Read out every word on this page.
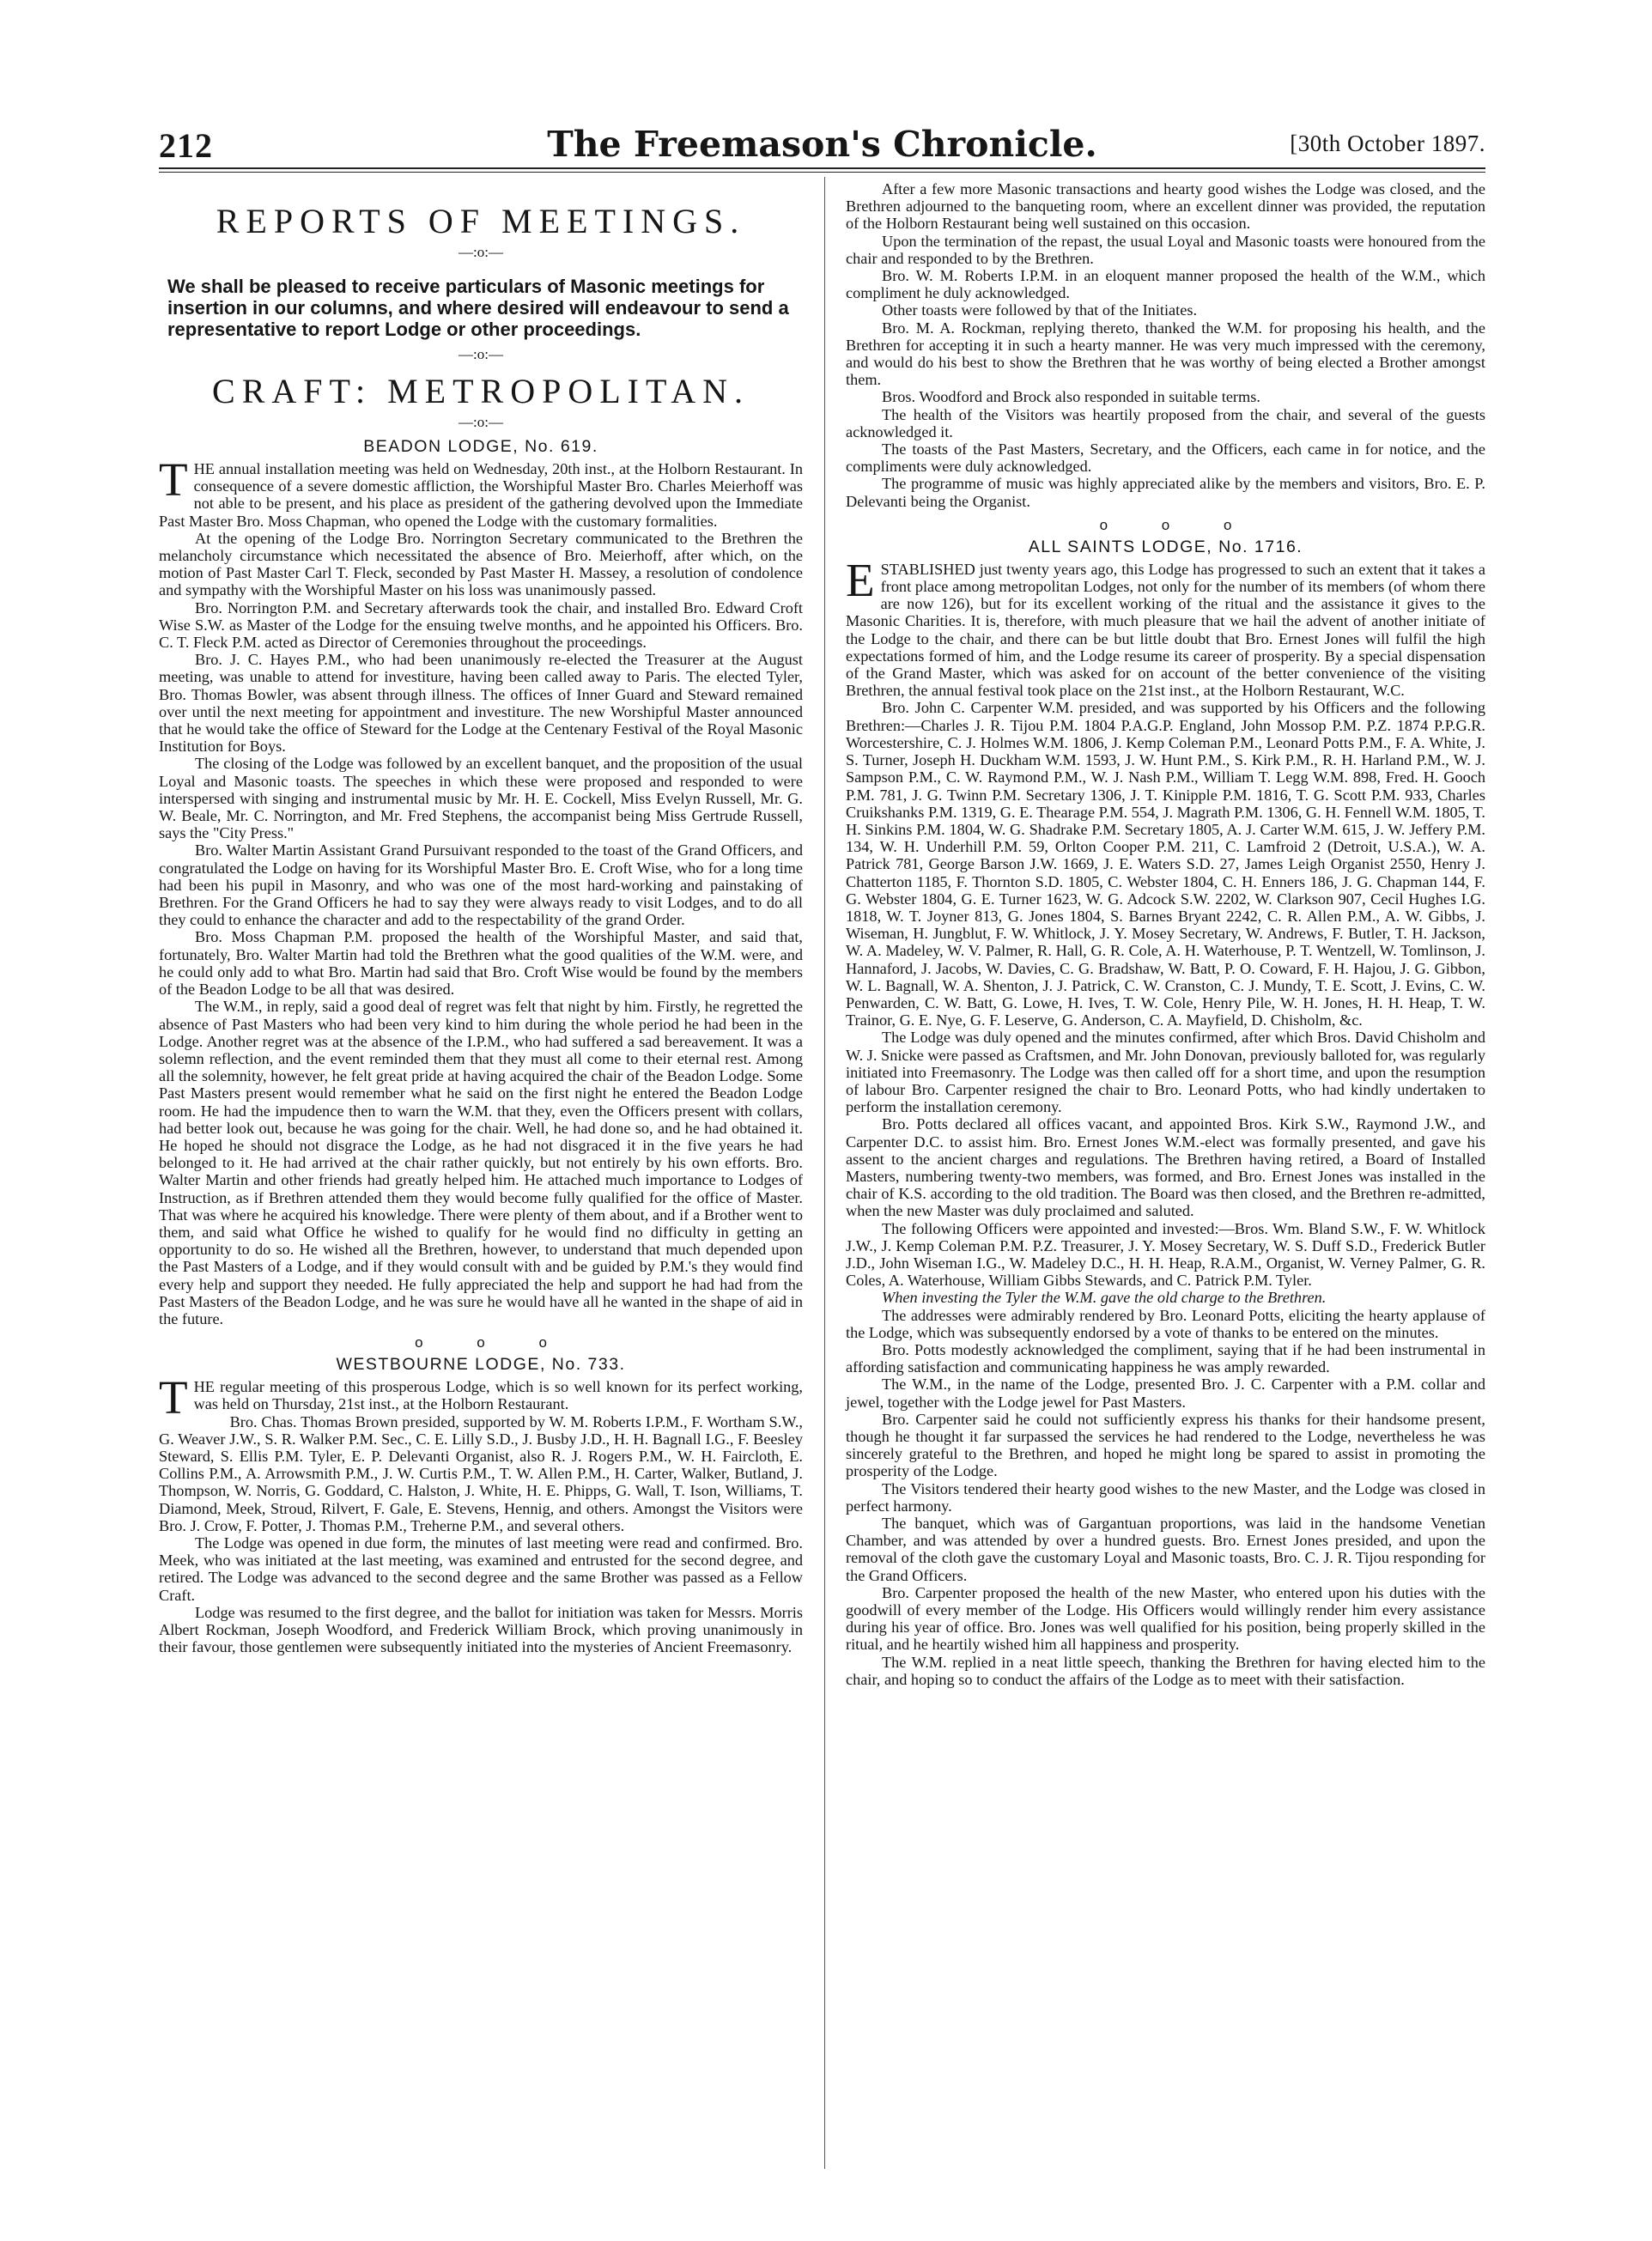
212	The Freemason's Chronicle.	[30th October 1897.
REPORTS OF MEETINGS.
—:o:—
We shall be pleased to receive particulars of Masonic meetings for insertion in our columns, and where desired will endeavour to send a representative to report Lodge or other proceedings.
—:o:—
CRAFT: METROPOLITAN.
—:o:—
BEADON LODGE, No. 619.

THE annual installation meeting was held on Wednesday, 20th inst., at the Holborn Restaurant. In consequence of a severe domestic affliction, the Worshipful Master Bro. Charles Meierhoff was not able to be present, and his place as president of the gathering devolved upon the Immediate Past Master Bro. Moss Chapman, who opened the Lodge with the customary formalities.

At the opening of the Lodge Bro. Norrington Secretary communicated to the Brethren the melancholy circumstance which necessitated the absence of Bro. Meierhoff, after which, on the motion of Past Master Carl T. Fleck, seconded by Past Master H. Massey, a resolution of condolence and sympathy with the Worshipful Master on his loss was unanimously passed.

Bro. Norrington P.M. and Secretary afterwards took the chair, and installed Bro. Edward Croft Wise S.W. as Master of the Lodge for the ensuing twelve months, and he appointed his Officers. Bro. C. T. Fleck P.M. acted as Director of Ceremonies throughout the proceedings.

Bro. J. C. Hayes P.M., who had been unanimously re-elected the Treasurer at the August meeting, was unable to attend for investiture, having been called away to Paris. The elected Tyler, Bro. Thomas Bowler, was absent through illness. The offices of Inner Guard and Steward remained over until the next meeting for appointment and investiture. The new Worshipful Master announced that he would take the office of Steward for the Lodge at the Centenary Festival of the Royal Masonic Institution for Boys.

The closing of the Lodge was followed by an excellent banquet, and the proposition of the usual Loyal and Masonic toasts. The speeches in which these were proposed and responded to were interspersed with singing and instrumental music by Mr. H. E. Cockell, Miss Evelyn Russell, Mr. G. W. Beale, Mr. C. Norrington, and Mr. Fred Stephens, the accompanist being Miss Gertrude Russell, says the "City Press."

Bro. Walter Martin Assistant Grand Pursuivant responded to the toast of the Grand Officers, and congratulated the Lodge on having for its Worshipful Master Bro. E. Croft Wise, who for a long time had been his pupil in Masonry, and who was one of the most hard-working and painstaking of Brethren. For the Grand Officers he had to say they were always ready to visit Lodges, and to do all they could to enhance the character and add to the respectability of the grand Order.

Bro. Moss Chapman P.M. proposed the health of the Worshipful Master, and said that, fortunately, Bro. Walter Martin had told the Brethren what the good qualities of the W.M. were, and he could only add to what Bro. Martin had said that Bro. Croft Wise would be found by the members of the Beadon Lodge to be all that was desired.

The W.M., in reply, said a good deal of regret was felt that night by him. Firstly, he regretted the absence of Past Masters who had been very kind to him during the whole period he had been in the Lodge. Another regret was at the absence of the I.P.M., who had suffered a sad bereavement. It was a solemn reflection, and the event reminded them that they must all come to their eternal rest. Among all the solemnity, however, he felt great pride at having acquired the chair of the Beadon Lodge. Some Past Masters present would remember what he said on the first night he entered the Beadon Lodge room. He had the impudence then to warn the W.M. that they, even the Officers present with collars, had better look out, because he was going for the chair. Well, he had done so, and he had obtained it. He hoped he should not disgrace the Lodge, as he had not disgraced it in the five years he had belonged to it. He had arrived at the chair rather quickly, but not entirely by his own efforts. Bro. Walter Martin and other friends had greatly helped him. He attached much importance to Lodges of Instruction, as if Brethren attended them they would become fully qualified for the office of Master. That was where he acquired his knowledge. There were plenty of them about, and if a Brother went to them, and said what Office he wished to qualify for he would find no difficulty in getting an opportunity to do so. He wished all the Brethren, however, to understand that much depended upon the Past Masters of a Lodge, and if they would consult with and be guided by P.M.'s they would find every help and support they needed. He fully appreciated the help and support he had had from the Past Masters of the Beadon Lodge, and he was sure he would have all he wanted in the shape of aid in the future.

o o o
WESTBOURNE LODGE, No. 733.

THE regular meeting of this prosperous Lodge, which is so well known for its perfect working, was held on Thursday, 21st inst., at the Holborn Restaurant.

Bro. Chas. Thomas Brown presided, supported by W. M. Roberts I.P.M., F. Wortham S.W., G. Weaver J.W., S. R. Walker P.M. Sec., C. E. Lilly S.D., J. Busby J.D., H. H. Bagnall I.G., F. Beesley Steward, S. Ellis P.M. Tyler, E. P. Delevanti Organist, also R. J. Rogers P.M., W. H. Faircloth, E. Collins P.M., A. Arrowsmith P.M., J. W. Curtis P.M., T. W. Allen P.M., H. Carter, Walker, Butland, J. Thompson, W. Norris, G. Goddard, C. Halston, J. White, H. E. Phipps, G. Wall, T. Ison, Williams, T. Diamond, Meek, Stroud, Rilvert, F. Gale, E. Stevens, Hennig, and others. Amongst the Visitors were Bro. J. Crow, F. Potter, J. Thomas P.M., Treherne P.M., and several others.

The Lodge was opened in due form, the minutes of last meeting were read and confirmed. Bro. Meek, who was initiated at the last meeting, was examined and entrusted for the second degree, and retired. The Lodge was advanced to the second degree and the same Brother was passed as a Fellow Craft.

Lodge was resumed to the first degree, and the ballot for initiation was taken for Messrs. Morris Albert Rockman, Joseph Woodford, and Frederick William Brock, which proving unanimously in their favour, those gentlemen were subsequently initiated into the mysteries of Ancient Freemasonry.

After a few more Masonic transactions and hearty good wishes the Lodge was closed, and the Brethren adjourned to the banqueting room, where an excellent dinner was provided, the reputation of the Holborn Restaurant being well sustained on this occasion.

Upon the termination of the repast, the usual Loyal and Masonic toasts were honoured from the chair and responded to by the Brethren.

Bro. W. M. Roberts I.P.M. in an eloquent manner proposed the health of the W.M., which compliment he duly acknowledged.

Other toasts were followed by that of the Initiates.

Bro. M. A. Rockman, replying thereto, thanked the W.M. for proposing his health, and the Brethren for accepting it in such a hearty manner. He was very much impressed with the ceremony, and would do his best to show the Brethren that he was worthy of being elected a Brother amongst them.

Bros. Woodford and Brock also responded in suitable terms.

The health of the Visitors was heartily proposed from the chair, and several of the guests acknowledged it.

The toasts of the Past Masters, Secretary, and the Officers, each came in for notice, and the compliments were duly acknowledged.

The programme of music was highly appreciated alike by the members and visitors, Bro. E. P. Delevanti being the Organist.

o o o
ALL SAINTS LODGE, No. 1716.

ESTABLISHED just twenty years ago, this Lodge has progressed to such an extent that it takes a front place among metropolitan Lodges, not only for the number of its members (of whom there are now 126), but for its excellent working of the ritual and the assistance it gives to the Masonic Charities. It is, therefore, with much pleasure that we hail the advent of another initiate of the Lodge to the chair, and there can be but little doubt that Bro. Ernest Jones will fulfil the high expectations formed of him, and the Lodge resume its career of prosperity. By a special dispensation of the Grand Master, which was asked for on account of the better convenience of the visiting Brethren, the annual festival took place on the 21st inst., at the Holborn Restaurant, W.C.

Bro. John C. Carpenter W.M. presided, and was supported by his Officers and the following Brethren:—Charles J. R. Tijou P.M. 1804 P.A.G.P. England, John Mossop P.M. P.Z. 1874 P.P.G.R. Worcestershire, C. J. Holmes W.M. 1806, J. Kemp Coleman P.M., Leonard Potts P.M., F. A. White, J. S. Turner, Joseph H. Duckham W.M. 1593, J. W. Hunt P.M., S. Kirk P.M., R. H. Harland P.M., W. J. Sampson P.M., C. W. Raymond P.M., W. J. Nash P.M., William T. Legg W.M. 898, Fred. H. Gooch P.M. 781, J. G. Twinn P.M. Secretary 1306, J. T. Kinipple P.M. 1816, T. G. Scott P.M. 933, Charles Cruikshanks P.M. 1319, G. E. Thearage P.M. 554, J. Magrath P.M. 1306, G. H. Fennell W.M. 1805, T. H. Sinkins P.M. 1804, W. G. Shadrake P.M. Secretary 1805, A. J. Carter W.M. 615, J. W. Jeffery P.M. 134, W. H. Underhill P.M. 59, Orlton Cooper P.M. 211, C. Lamfroid 2 (Detroit, U.S.A.), W. A. Patrick 781, George Barson J.W. 1669, J. E. Waters S.D. 27, James Leigh Organist 2550, Henry J. Chatterton 1185, F. Thornton S.D. 1805, C. Webster 1804, C. H. Enners 186, J. G. Chapman 144, F. G. Webster 1804, G. E. Turner 1623, W. G. Adcock S.W. 2202, W. Clarkson 907, Cecil Hughes I.G. 1818, W. T. Joyner 813, G. Jones 1804, S. Barnes Bryant 2242, C. R. Allen P.M., A. W. Gibbs, J. Wiseman, H. Jungblut, F. W. Whitlock, J. Y. Mosey Secretary, W. Andrews, F. Butler, T. H. Jackson, W. A. Madeley, W. V. Palmer, R. Hall, G. R. Cole, A. H. Waterhouse, P. T. Wentzell, W. Tomlinson, J. Hannaford, J. Jacobs, W. Davies, C. G. Bradshaw, W. Batt, P. O. Coward, F. H. Hajou, J. G. Gibbon, W. L. Bagnall, W. A. Shenton, J. J. Patrick, C. W. Cranston, C. J. Mundy, T. E. Scott, J. Evins, C. W. Penwarden, C. W. Batt, G. Lowe, H. Ives, T. W. Cole, Henry Pile, W. H. Jones, H. H. Heap, T. W. Trainor, G. E. Nye, G. F. Leserve, G. Anderson, C. A. Mayfield, D. Chisholm, &c.

The Lodge was duly opened and the minutes confirmed, after which Bros. David Chisholm and W. J. Snicke were passed as Craftsmen, and Mr. John Donovan, previously balloted for, was regularly initiated into Freemasonry. The Lodge was then called off for a short time, and upon the resumption of labour Bro. Carpenter resigned the chair to Bro. Leonard Potts, who had kindly undertaken to perform the installation ceremony.

Bro. Potts declared all offices vacant, and appointed Bros. Kirk S.W., Raymond J.W., and Carpenter D.C. to assist him. Bro. Ernest Jones W.M.-elect was formally presented, and gave his assent to the ancient charges and regulations. The Brethren having retired, a Board of Installed Masters, numbering twenty-two members, was formed, and Bro. Ernest Jones was installed in the chair of K.S. according to the old tradition. The Board was then closed, and the Brethren re-admitted, when the new Master was duly proclaimed and saluted.

The following Officers were appointed and invested:—Bros. Wm. Bland S.W., F. W. Whitlock J.W., J. Kemp Coleman P.M. P.Z. Treasurer, J. Y. Mosey Secretary, W. S. Duff S.D., Frederick Butler J.D., John Wiseman I.G., W. Madeley D.C., H. H. Heap, R.A.M., Organist, W. Verney Palmer, G. R. Coles, A. Waterhouse, William Gibbs Stewards, and C. Patrick P.M. Tyler.

When investing the Tyler the W.M. gave the old charge to the Brethren.

The addresses were admirably rendered by Bro. Leonard Potts, eliciting the hearty applause of the Lodge, which was subsequently endorsed by a vote of thanks to be entered on the minutes.

Bro. Potts modestly acknowledged the compliment, saying that if he had been instrumental in affording satisfaction and communicating happiness he was amply rewarded.

The W.M., in the name of the Lodge, presented Bro. J. C. Carpenter with a P.M. collar and jewel, together with the Lodge jewel for Past Masters.

Bro. Carpenter said he could not sufficiently express his thanks for their handsome present, though he thought it far surpassed the services he had rendered to the Lodge, nevertheless he was sincerely grateful to the Brethren, and hoped he might long be spared to assist in promoting the prosperity of the Lodge.

The Visitors tendered their hearty good wishes to the new Master, and the Lodge was closed in perfect harmony.

The banquet, which was of Gargantuan proportions, was laid in the handsome Venetian Chamber, and was attended by over a hundred guests. Bro. Ernest Jones presided, and upon the removal of the cloth gave the customary Loyal and Masonic toasts, Bro. C. J. R. Tijou responding for the Grand Officers.

Bro. Carpenter proposed the health of the new Master, who entered upon his duties with the goodwill of every member of the Lodge. His Officers would willingly render him every assistance during his year of office. Bro. Jones was well qualified for his position, being properly skilled in the ritual, and he heartily wished him all happiness and prosperity.

The W.M. replied in a neat little speech, thanking the Brethren for having elected him to the chair, and hoping so to conduct the affairs of the Lodge as to meet with their satisfaction.
